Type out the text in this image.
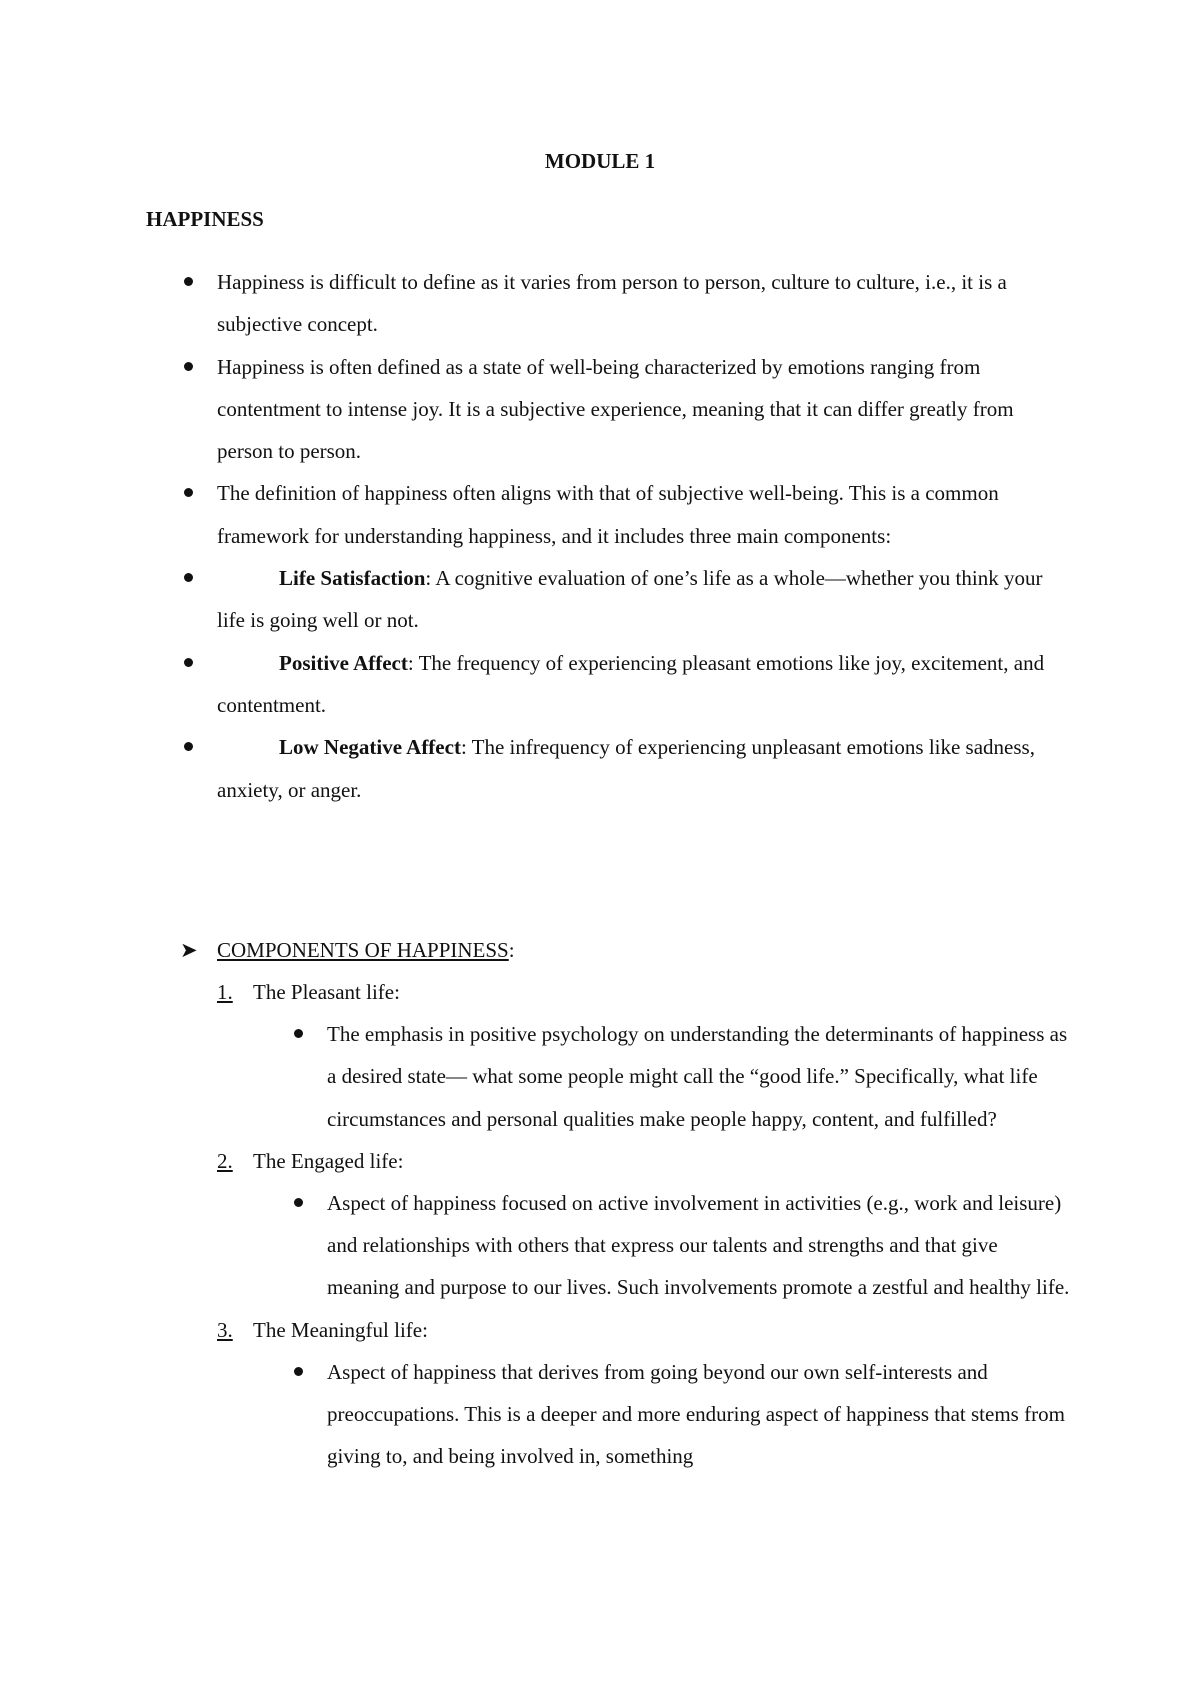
MODULE 1
HAPPINESS
Happiness is difficult to define as it varies from person to person, culture to culture, i.e., it is a subjective concept.
Happiness is often defined as a state of well-being characterized by emotions ranging from contentment to intense joy. It is a subjective experience, meaning that it can differ greatly from person to person.
The definition of happiness often aligns with that of subjective well-being. This is a common framework for understanding happiness, and it includes three main components:
Life Satisfaction: A cognitive evaluation of one’s life as a whole—whether you think your life is going well or not.
Positive Affect: The frequency of experiencing pleasant emotions like joy, excitement, and contentment.
Low Negative Affect: The infrequency of experiencing unpleasant emotions like sadness, anxiety, or anger.
➤ COMPONENTS OF HAPPINESS:
1. The Pleasant life:
The emphasis in positive psychology on understanding the determinants of happiness as a desired state— what some people might call the “good life.” Specifically, what life circumstances and personal qualities make people happy, content, and fulfilled?
2. The Engaged life:
Aspect of happiness focused on active involvement in activities (e.g., work and leisure) and relationships with others that express our talents and strengths and that give meaning and purpose to our lives. Such involvements promote a zestful and healthy life.
3. The Meaningful life:
Aspect of happiness that derives from going beyond our own self-interests and preoccupations. This is a deeper and more enduring aspect of happiness that stems from giving to, and being involved in, something
